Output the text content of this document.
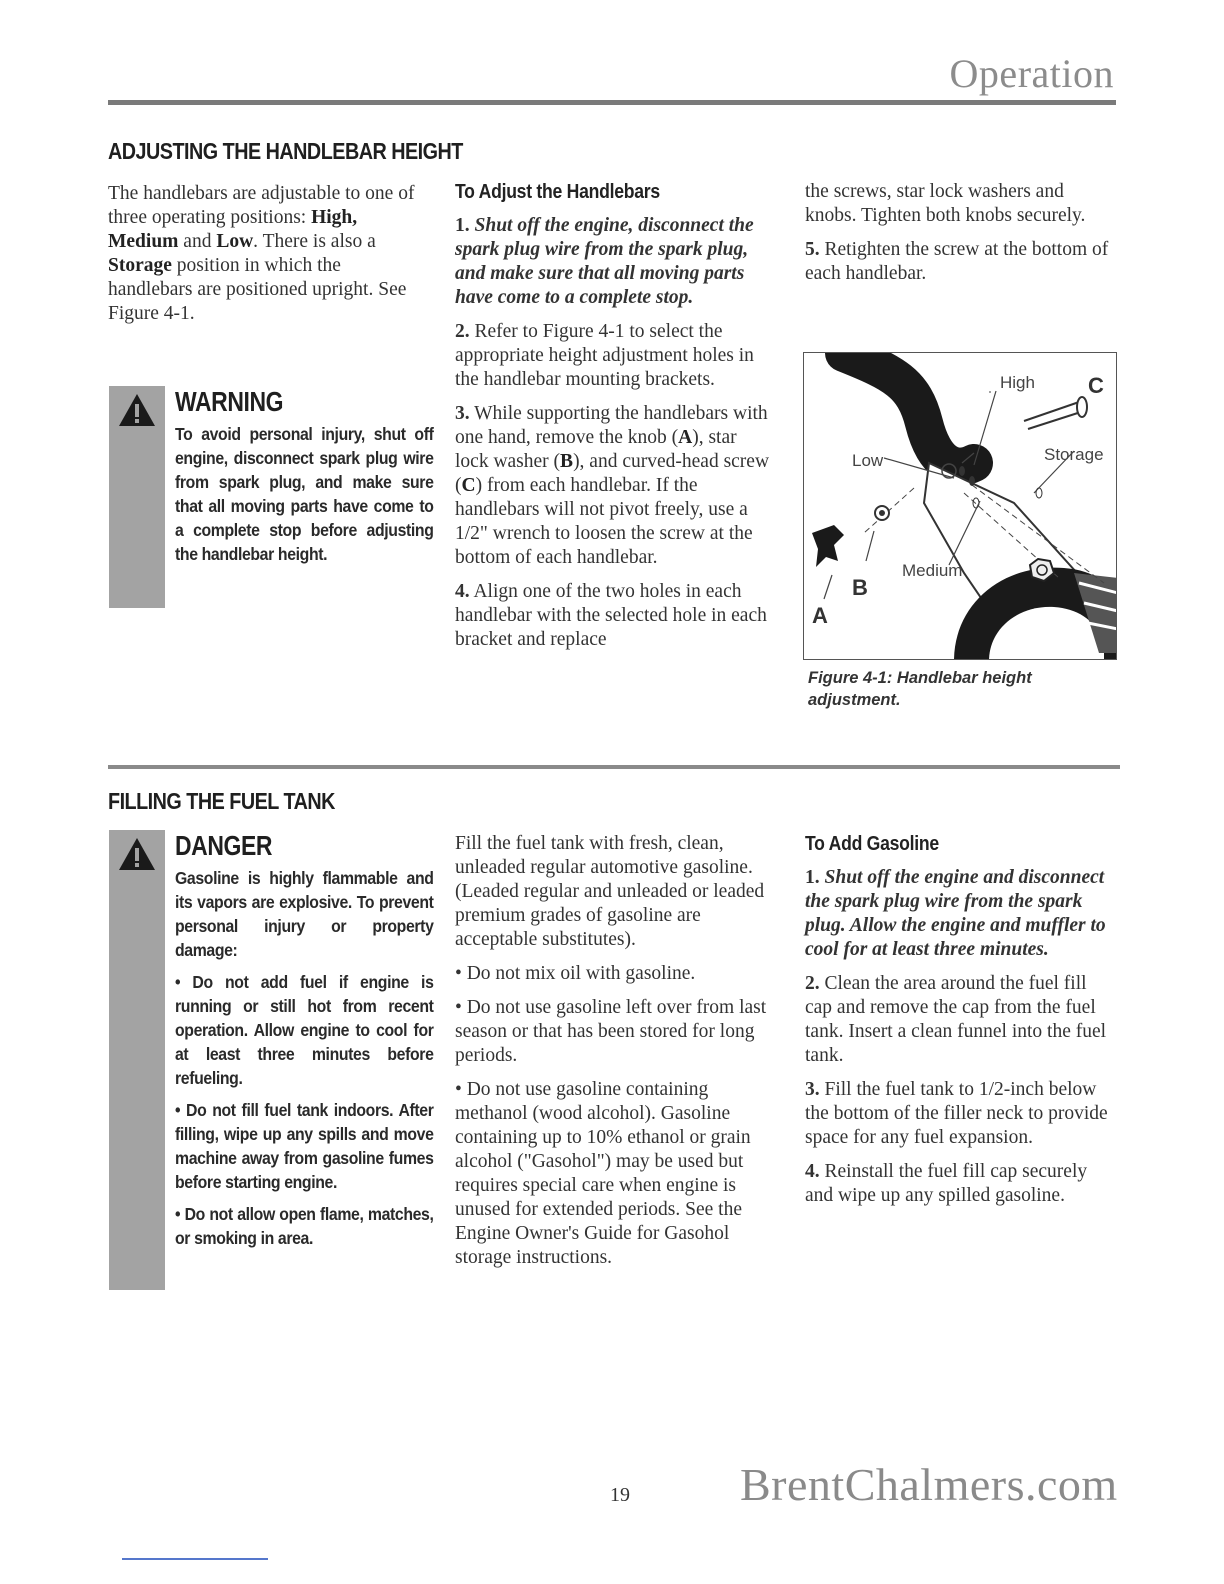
Operation
ADJUSTING THE HANDLEBAR HEIGHT

The handlebars are adjustable to one of three operating positions: High, Medium and Low. There is also a Storage position in which the handlebars are positioned upright. See Figure 4-1.

WARNING

To avoid personal injury, shut off engine, disconnect spark plug wire from spark plug, and make sure that all moving parts have come to a complete stop before adjusting the handlebar height.

To Adjust the Handlebars

1. Shut off the engine, disconnect the spark plug wire from the spark plug, and make sure that all moving parts have come to a complete stop.

2. Refer to Figure 4-1 to select the appropriate height adjustment holes in the handlebar mounting brackets.

3. While supporting the handlebars with one hand, remove the knob (A), star lock washer (B), and curved-head screw (C) from each handlebar. If the handlebars will not pivot freely, use a 1/2" wrench to loosen the screw at the bottom of each handlebar.

4. Align one of the two holes in each handlebar with the selected hole in each bracket and replace

the screws, star lock washers and knobs. Tighten both knobs securely.

5. Retighten the screw at the bottom of each handlebar.

High
Low	Storage
Medium
A
B
C
Figure 4-1: Handlebar height adjustment.
FILLING THE FUEL TANK
DANGER

Gasoline is highly flammable and its vapors are explosive. To prevent personal injury or property damage:

• Do not add fuel if engine is running or still hot from recent operation. Allow engine to cool for at least three minutes before refueling.

• Do not fill fuel tank indoors. After filling, wipe up any spills and move machine away from gasoline fumes before starting engine.

• Do not allow open flame, matches, or smoking in area.

Fill the fuel tank with fresh, clean, unleaded regular automotive gasoline. (Leaded regular and unleaded or leaded premium grades of gasoline are acceptable substitutes).

• Do not mix oil with gasoline.

• Do not use gasoline left over from last season or that has been stored for long periods.

• Do not use gasoline containing methanol (wood alcohol). Gasoline containing up to 10% ethanol or grain alcohol ("Gasohol") may be used but requires special care when engine is unused for extended periods. See the Engine Owner's Guide for Gasohol storage instructions.

To Add Gasoline

1. Shut off the engine and disconnect the spark plug wire from the spark plug. Allow the engine and muffler to cool for at least three minutes.

2. Clean the area around the fuel fill cap and remove the cap from the fuel tank. Insert a clean funnel into the fuel tank.

3. Fill the fuel tank to 1/2-inch below the bottom of the filler neck to provide space for any fuel expansion.

4. Reinstall the fuel fill cap securely and wipe up any spilled gasoline.

19 BrentChalmers.com
